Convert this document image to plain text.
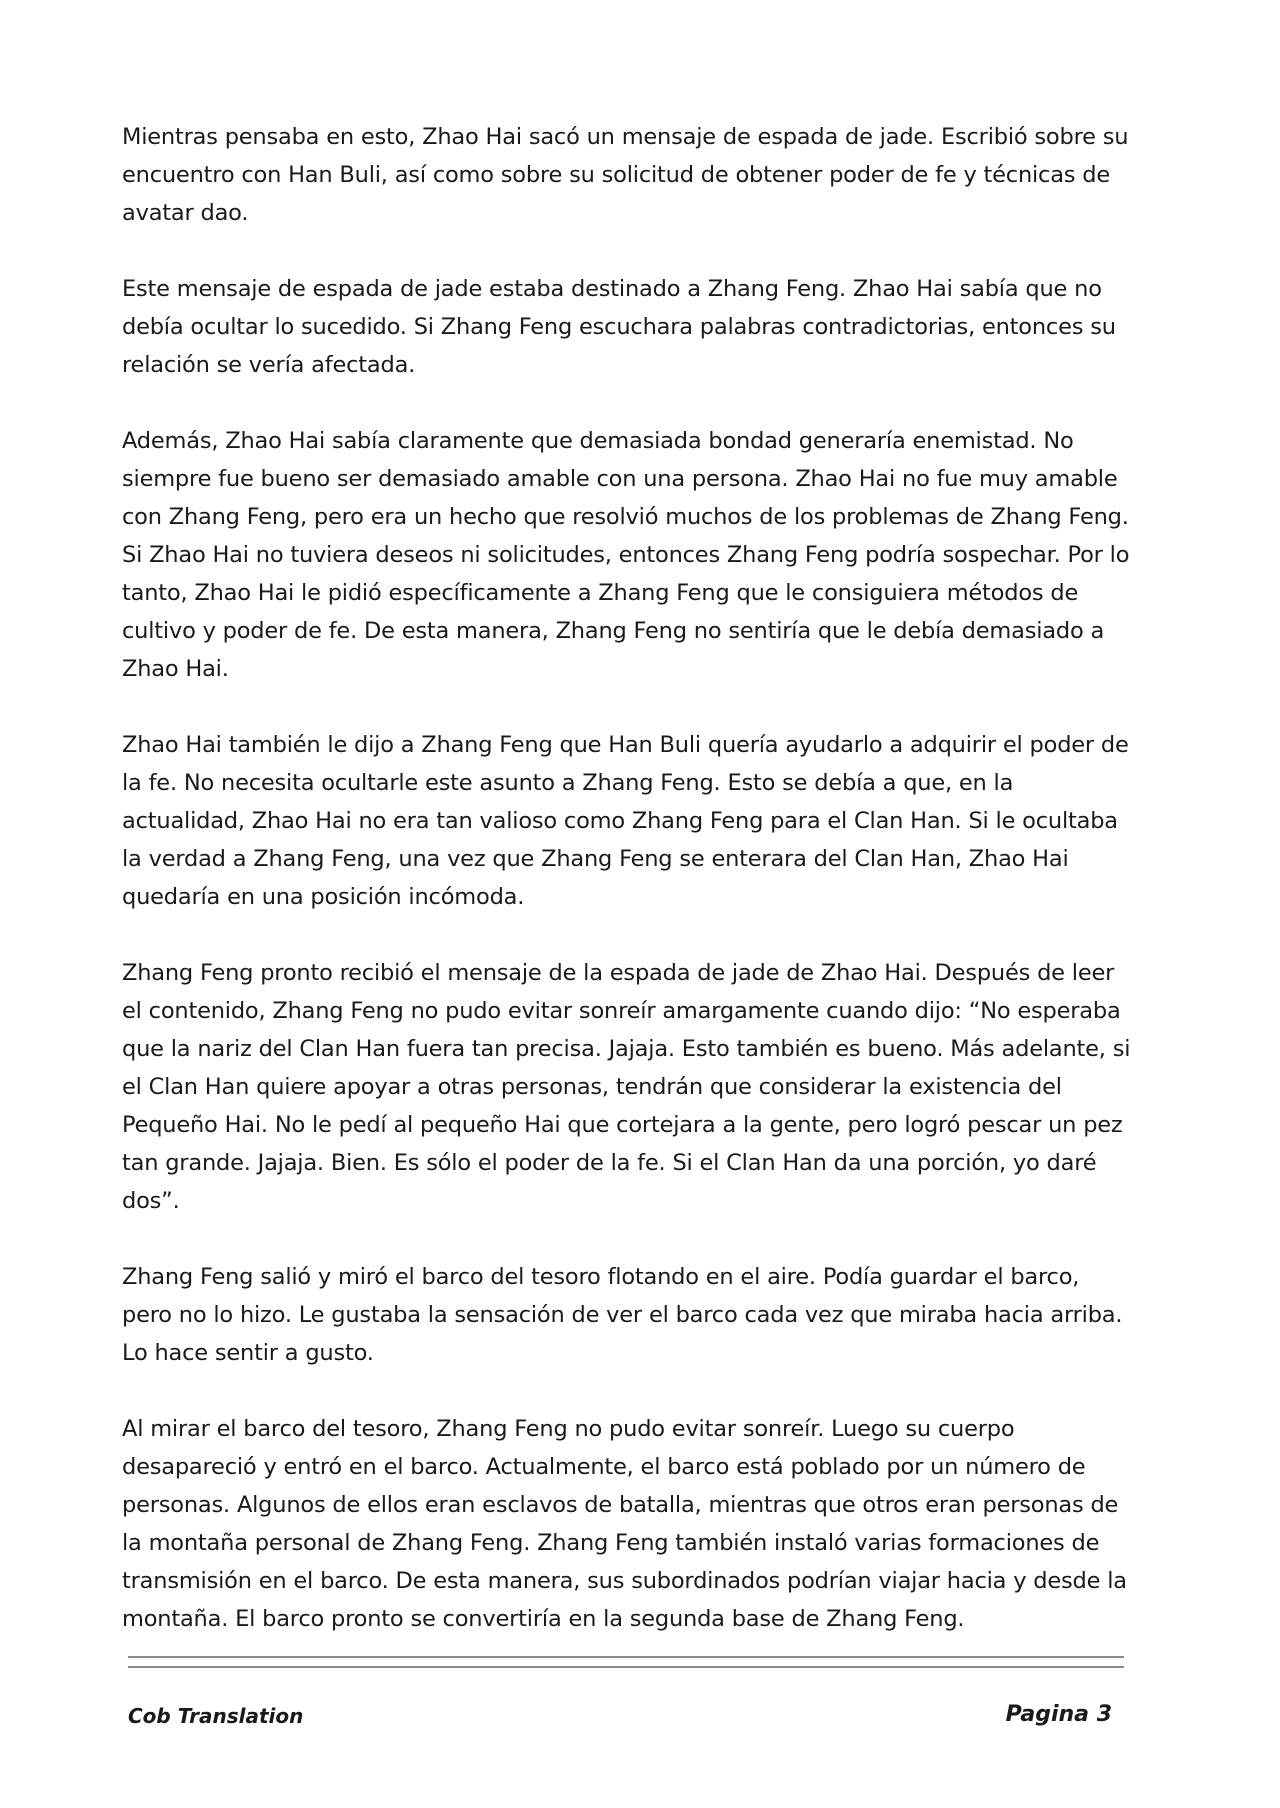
Mientras pensaba en esto, Zhao Hai sacó un mensaje de espada de jade. Escribió sobre su encuentro con Han Buli, así como sobre su solicitud de obtener poder de fe y técnicas de avatar dao.

Este mensaje de espada de jade estaba destinado a Zhang Feng. Zhao Hai sabía que no debía ocultar lo sucedido. Si Zhang Feng escuchara palabras contradictorias, entonces su relación se vería afectada.

Además, Zhao Hai sabía claramente que demasiada bondad generaría enemistad. No siempre fue bueno ser demasiado amable con una persona. Zhao Hai no fue muy amable con Zhang Feng, pero era un hecho que resolvió muchos de los problemas de Zhang Feng. Si Zhao Hai no tuviera deseos ni solicitudes, entonces Zhang Feng podría sospechar. Por lo tanto, Zhao Hai le pidió específicamente a Zhang Feng que le consiguiera métodos de cultivo y poder de fe. De esta manera, Zhang Feng no sentiría que le debía demasiado a Zhao Hai.

Zhao Hai también le dijo a Zhang Feng que Han Buli quería ayudarlo a adquirir el poder de la fe. No necesita ocultarle este asunto a Zhang Feng. Esto se debía a que, en la actualidad, Zhao Hai no era tan valioso como Zhang Feng para el Clan Han. Si le ocultaba la verdad a Zhang Feng, una vez que Zhang Feng se enterara del Clan Han, Zhao Hai quedaría en una posición incómoda.

Zhang Feng pronto recibió el mensaje de la espada de jade de Zhao Hai. Después de leer el contenido, Zhang Feng no pudo evitar sonreír amargamente cuando dijo: “No esperaba que la nariz del Clan Han fuera tan precisa. Jajaja. Esto también es bueno. Más adelante, si el Clan Han quiere apoyar a otras personas, tendrán que considerar la existencia del Pequeño Hai. No le pedí al pequeño Hai que cortejara a la gente, pero logró pescar un pez tan grande. Jajaja. Bien. Es sólo el poder de la fe. Si el Clan Han da una porción, yo daré dos”.

Zhang Feng salió y miró el barco del tesoro flotando en el aire. Podía guardar el barco, pero no lo hizo. Le gustaba la sensación de ver el barco cada vez que miraba hacia arriba. Lo hace sentir a gusto.

Al mirar el barco del tesoro, Zhang Feng no pudo evitar sonreír. Luego su cuerpo desapareció y entró en el barco. Actualmente, el barco está poblado por un número de personas. Algunos de ellos eran esclavos de batalla, mientras que otros eran personas de la montaña personal de Zhang Feng. Zhang Feng también instaló varias formaciones de transmisión en el barco. De esta manera, sus subordinados podrían viajar hacia y desde la montaña. El barco pronto se convertiría en la segunda base de Zhang Feng.

Cob Translation	Pagina 3
